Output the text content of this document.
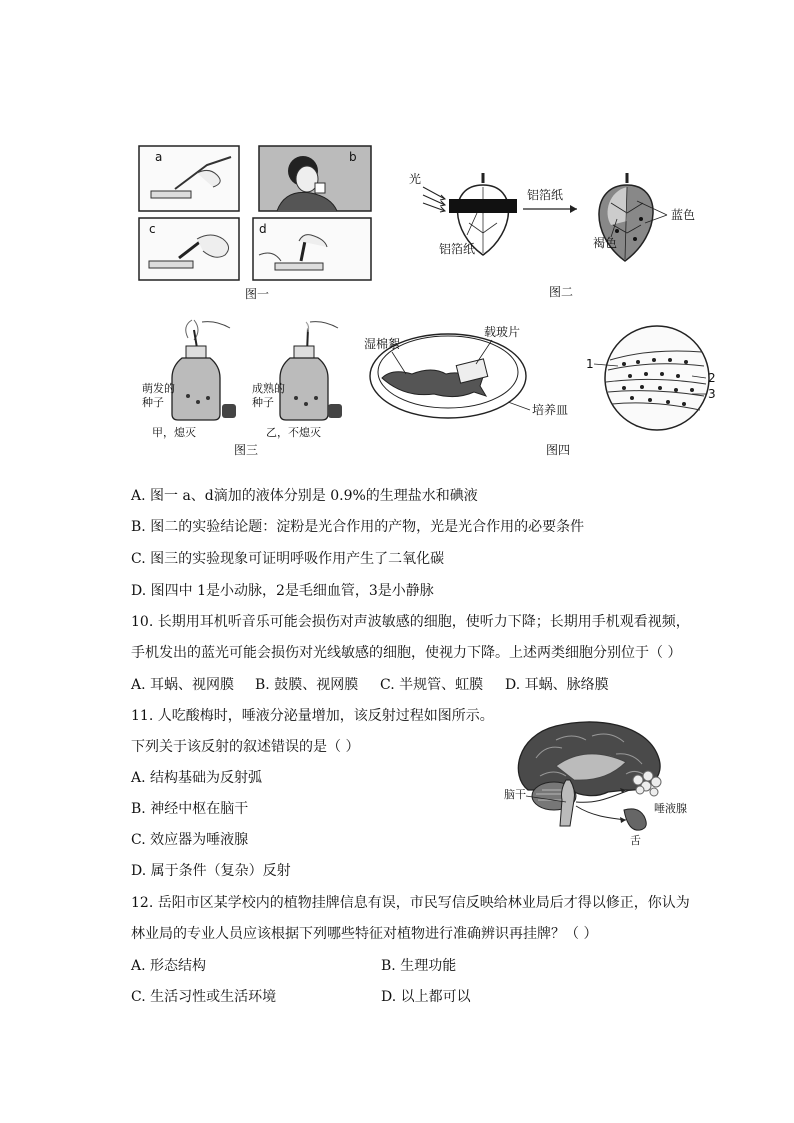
a	b
c	d
图一
光
铝箔纸
铝箔纸
蓝色
褐色
图二
萌发的
种子
甲，熄灭
成熟的
种子
乙，不熄灭
图三
湿棉絮
载玻片
培养皿
1
2
3
图四
A. 图一 a、d滴加的液体分别是 0.9%的生理盐水和碘液
B. 图二的实验结论题：淀粉是光合作用的产物，光是光合作用的必要条件
C. 图三的实验现象可证明呼吸作用产生了二氧化碳
D. 图四中 1是小动脉，2是毛细血管，3是小静脉
10. 长期用耳机听音乐可能会损伤对声波敏感的细胞，使听力下降；长期用手机观看视频，
手机发出的蓝光可能会损伤对光线敏感的细胞，使视力下降。上述两类细胞分别位于（ ）
A. 耳蜗、视网膜 B. 鼓膜、视网膜 C. 半规管、虹膜 D. 耳蜗、脉络膜
11. 人吃酸梅时，唾液分泌量增加，该反射过程如图所示。
下列关于该反射的叙述错误的是（ ）
A. 结构基础为反射弧
B. 神经中枢在脑干
C. 效应器为唾液腺
D. 属于条件（复杂）反射
脑干
唾液腺
舌
12. 岳阳市区某学校内的植物挂牌信息有误，市民写信反映给林业局后才得以修正，你认为
林业局的专业人员应该根据下列哪些特征对植物进行准确辨识再挂牌？（ ）
A. 形态结构	B. 生理功能
C. 生活习性或生活环境	D. 以上都可以
